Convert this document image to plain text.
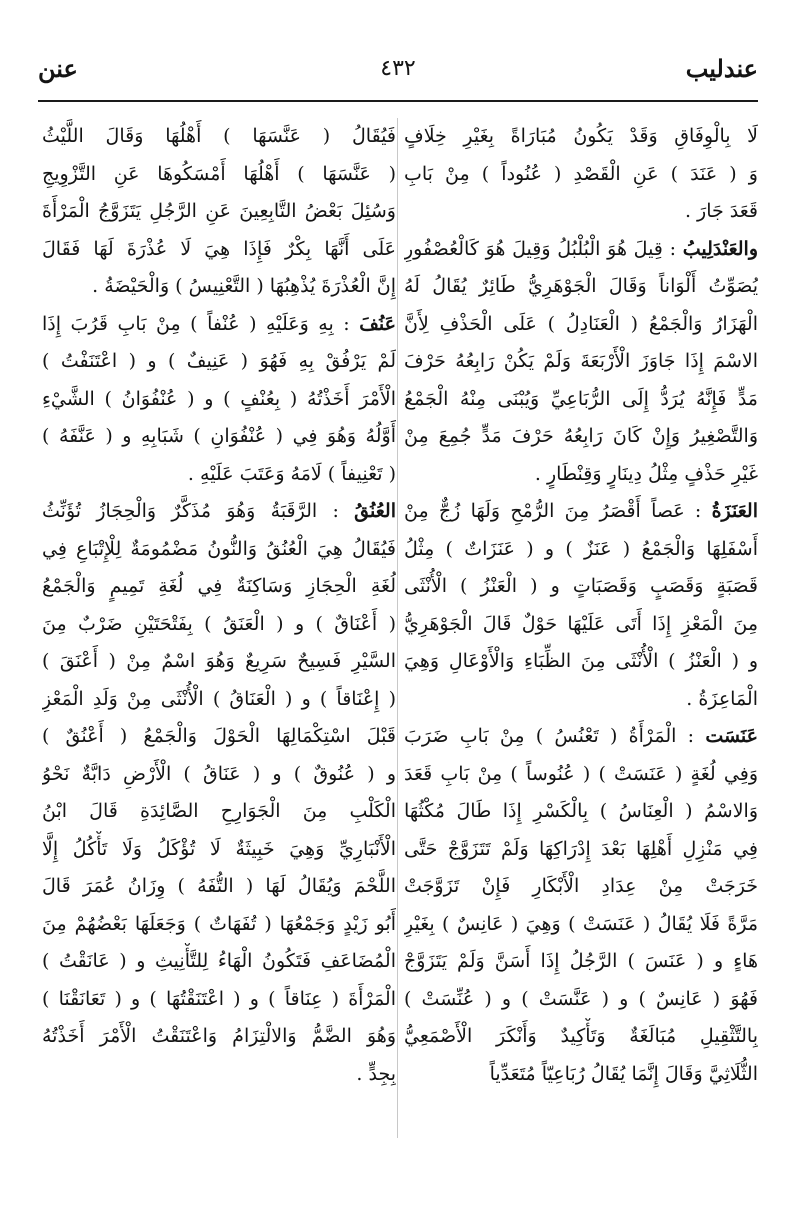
عندليب
٤٣٢
عنن
لَا بِالْوِفَاقِ وَقَدْ يَكُونُ مُبَارَاةً بِغَيْرِ خِلَافٍ
وَ ( عَنَدَ ) عَنِ الْقَصْدِ ( عُنُوداً ) مِنْ بَابِ
قَعَدَ جَارَ .
والعَنْدَلِيبُ : قِيلَ هُوَ الْبُلْبُلُ وَقِيلَ هُوَ كَالْعُصْفُورِ
يُصَوِّتُ أَلْوَاناً وَقَالَ الْجَوْهَرِيُّ طَائِرٌ يُقَالُ لَهُ
الْهَزَارُ وَالْجَمْعُ ( الْعَنَادِلُ ) عَلَى الْحَذْفِ لِأَنَّ
الاسْمَ إِذَا جَاوَزَ الْأَرْبَعَةَ وَلَمْ يَكُنْ رَابِعُهُ حَرْفَ
مَدٍّ فَإِنَّهُ يُرَدُّ إِلَى الرُّبَاعِيِّ وَيُبْنَى مِنْهُ الْجَمْعُ
وَالتَّصْغِيرُ وَإِنْ كَانَ رَابِعُهُ حَرْفَ مَدٍّ جُمِعَ مِنْ
غَيْرِ حَذْفٍ مِثْلُ دِينَارٍ وَقِنْطَارٍ .
العَنَزَةُ : عَصاً أَقْصَرُ مِنَ الرُّمْحِ وَلَهَا زُجٌّ مِنْ
أَسْفَلِهَا وَالْجَمْعُ ( عَنَزٌ ) و ( عَنَزَاتٌ ) مِثْلُ
قَصَبَةٍ وَقَصَبٍ وَقَصَبَاتٍ و ( الْعَنْزُ ) الْأُنْثَى
مِنَ الْمَعْزِ إِذَا أَتَى عَلَيْهَا حَوْلٌ قَالَ الْجَوْهَرِيُّ
و ( الْعَنْزُ ) الْأُنْثَى مِنَ الظِّبَاءِ وَالْأَوْعَالِ وَهِيَ
الْمَاعِزَةُ .
عَنَسَت : الْمَرْأَةُ ( تَعْنُسُ ) مِنْ بَابِ ضَرَبَ
وَفِي لُغَةٍ ( عَنَسَتْ ) ( عُنُوساً ) مِنْ بَابِ قَعَدَ
وَالاسْمُ ( الْعِنَاسُ ) بِالْكَسْرِ إِذَا طَالَ مُكْثُهَا
فِي مَنْزِلِ أَهْلِهَا بَعْدَ إِدْرَاكِهَا وَلَمْ تَتَزَوَّجْ حَتَّى
خَرَجَتْ مِنْ عِدَادِ الْأَبْكَارِ فَإِنْ تَزَوَّجَتْ
مَرَّةً فَلَا يُقَالُ ( عَنَسَتْ ) وَهِيَ ( عَانِسٌ ) بِغَيْرِ
هَاءٍ و ( عَنَسَ ) الرَّجُلُ إِذَا أَسَنَّ وَلَمْ يَتَزَوَّجْ
فَهُوَ ( عَانِسٌ ) و ( عَنَّسَتْ ) و ( عُنِّسَتْ )
بِالتَّثْقِيلِ مُبَالَغَةٌ وَتَأْكِيدٌ وَأَنْكَرَ الْأَصْمَعِيُّ
الثُّلَاثِيَّ وَقَالَ إِنَّمَا يُقَالُ رُبَاعِيّاً مُتَعَدِّياً
فَيُقَالُ ( عَنَّسَهَا ) أَهْلُهَا وَقَالَ اللَّيْثُ
( عَنَّسَهَا ) أَهْلُهَا أَمْسَكُوهَا عَنِ التَّزْوِيجِ
وَسُئِلَ بَعْضُ التَّابِعِينَ عَنِ الرَّجُلِ يَتَزَوَّجُ الْمَرْأَةَ
عَلَى أَنَّهَا بِكْرٌ فَإِذَا هِيَ لَا عُذْرَةَ لَهَا فَقَالَ
إِنَّ الْعُذْرَةَ يُذْهِبُهَا ( التَّعْنِيسُ ) وَالْحَيْضَةُ .
عَنُفَ : بِهِ وَعَلَيْهِ ( عُنْفاً ) مِنْ بَابِ قَرُبَ إِذَا
لَمْ يَرْفُقْ بِهِ فَهُوَ ( عَنِيفٌ ) و ( اعْتَنَفْتُ )
الْأَمْرَ أَخَذْتُهُ ( بِعُنْفٍ ) و ( عُنْفُوَانُ ) الشَّيْءِ
أَوَّلُهُ وَهُوَ فِي ( عُنْفُوَانِ ) شَبَابِهِ و ( عَنَّفَهُ )
( تَعْنِيفاً ) لَامَهُ وَعَتَبَ عَلَيْهِ .
العُنُقُ : الرَّقَبَةُ وَهُوَ مُذَكَّرٌ وَالْحِجَازُ تُؤَنِّثُ
فَيُقَالُ هِيَ الْعُنُقُ وَالنُّونُ مَضْمُومَةٌ لِلْإِتْبَاعِ فِي
لُغَةِ الْحِجَازِ وَسَاكِنَةٌ فِي لُغَةِ تَمِيمٍ وَالْجَمْعُ
( أَعْنَاقٌ ) و ( الْعَنَقُ ) بِفَتْحَتَيْنِ ضَرْبٌ مِنَ
السَّيْرِ فَسِيحٌ سَرِيعٌ وَهُوَ اسْمٌ مِنْ ( أَعْنَقَ )
( إِعْنَاقاً ) و ( الْعَنَاقُ ) الْأُنْثَى مِنْ وَلَدِ الْمَعْزِ
قَبْلَ اسْتِكْمَالِهَا الْحَوْلَ وَالْجَمْعُ ( أَعْنُقٌ )
و ( عُنُوقٌ ) و ( عَنَاقُ ) الْأَرْضِ دَابَّةٌ نَحْوُ
الْكَلْبِ مِنَ الْجَوَارِحِ الصَّائِدَةِ قَالَ ابْنُ
الْأَنْبَارِيِّ وَهِيَ خَبِيثَةٌ لَا تُؤْكَلُ وَلَا تَأْكُلُ إِلَّا
اللَّحْمَ وَيُقَالُ لَهَا ( التُّفَهُ ) وِزَانُ عُمَرَ قَالَ
أَبُو زَيْدٍ وَجَمْعُهَا ( تُفَهَاتٌ ) وَجَعَلَهَا بَعْضُهُمْ مِنَ
الْمُضَاعَفِ فَتَكُونُ الْهَاءُ لِلتَّأْنِيثِ و ( عَانَقْتُ )
الْمَرْأَةَ ( عِنَاقاً ) و ( اعْتَنَقْتُهَا ) و ( تَعَانَقْنَا )
وَهُوَ الضَّمُّ وَالالْتِزَامُ وَاعْتَنَقْتُ الْأَمْرَ أَخَذْتُهُ
بِجِدٍّ .
